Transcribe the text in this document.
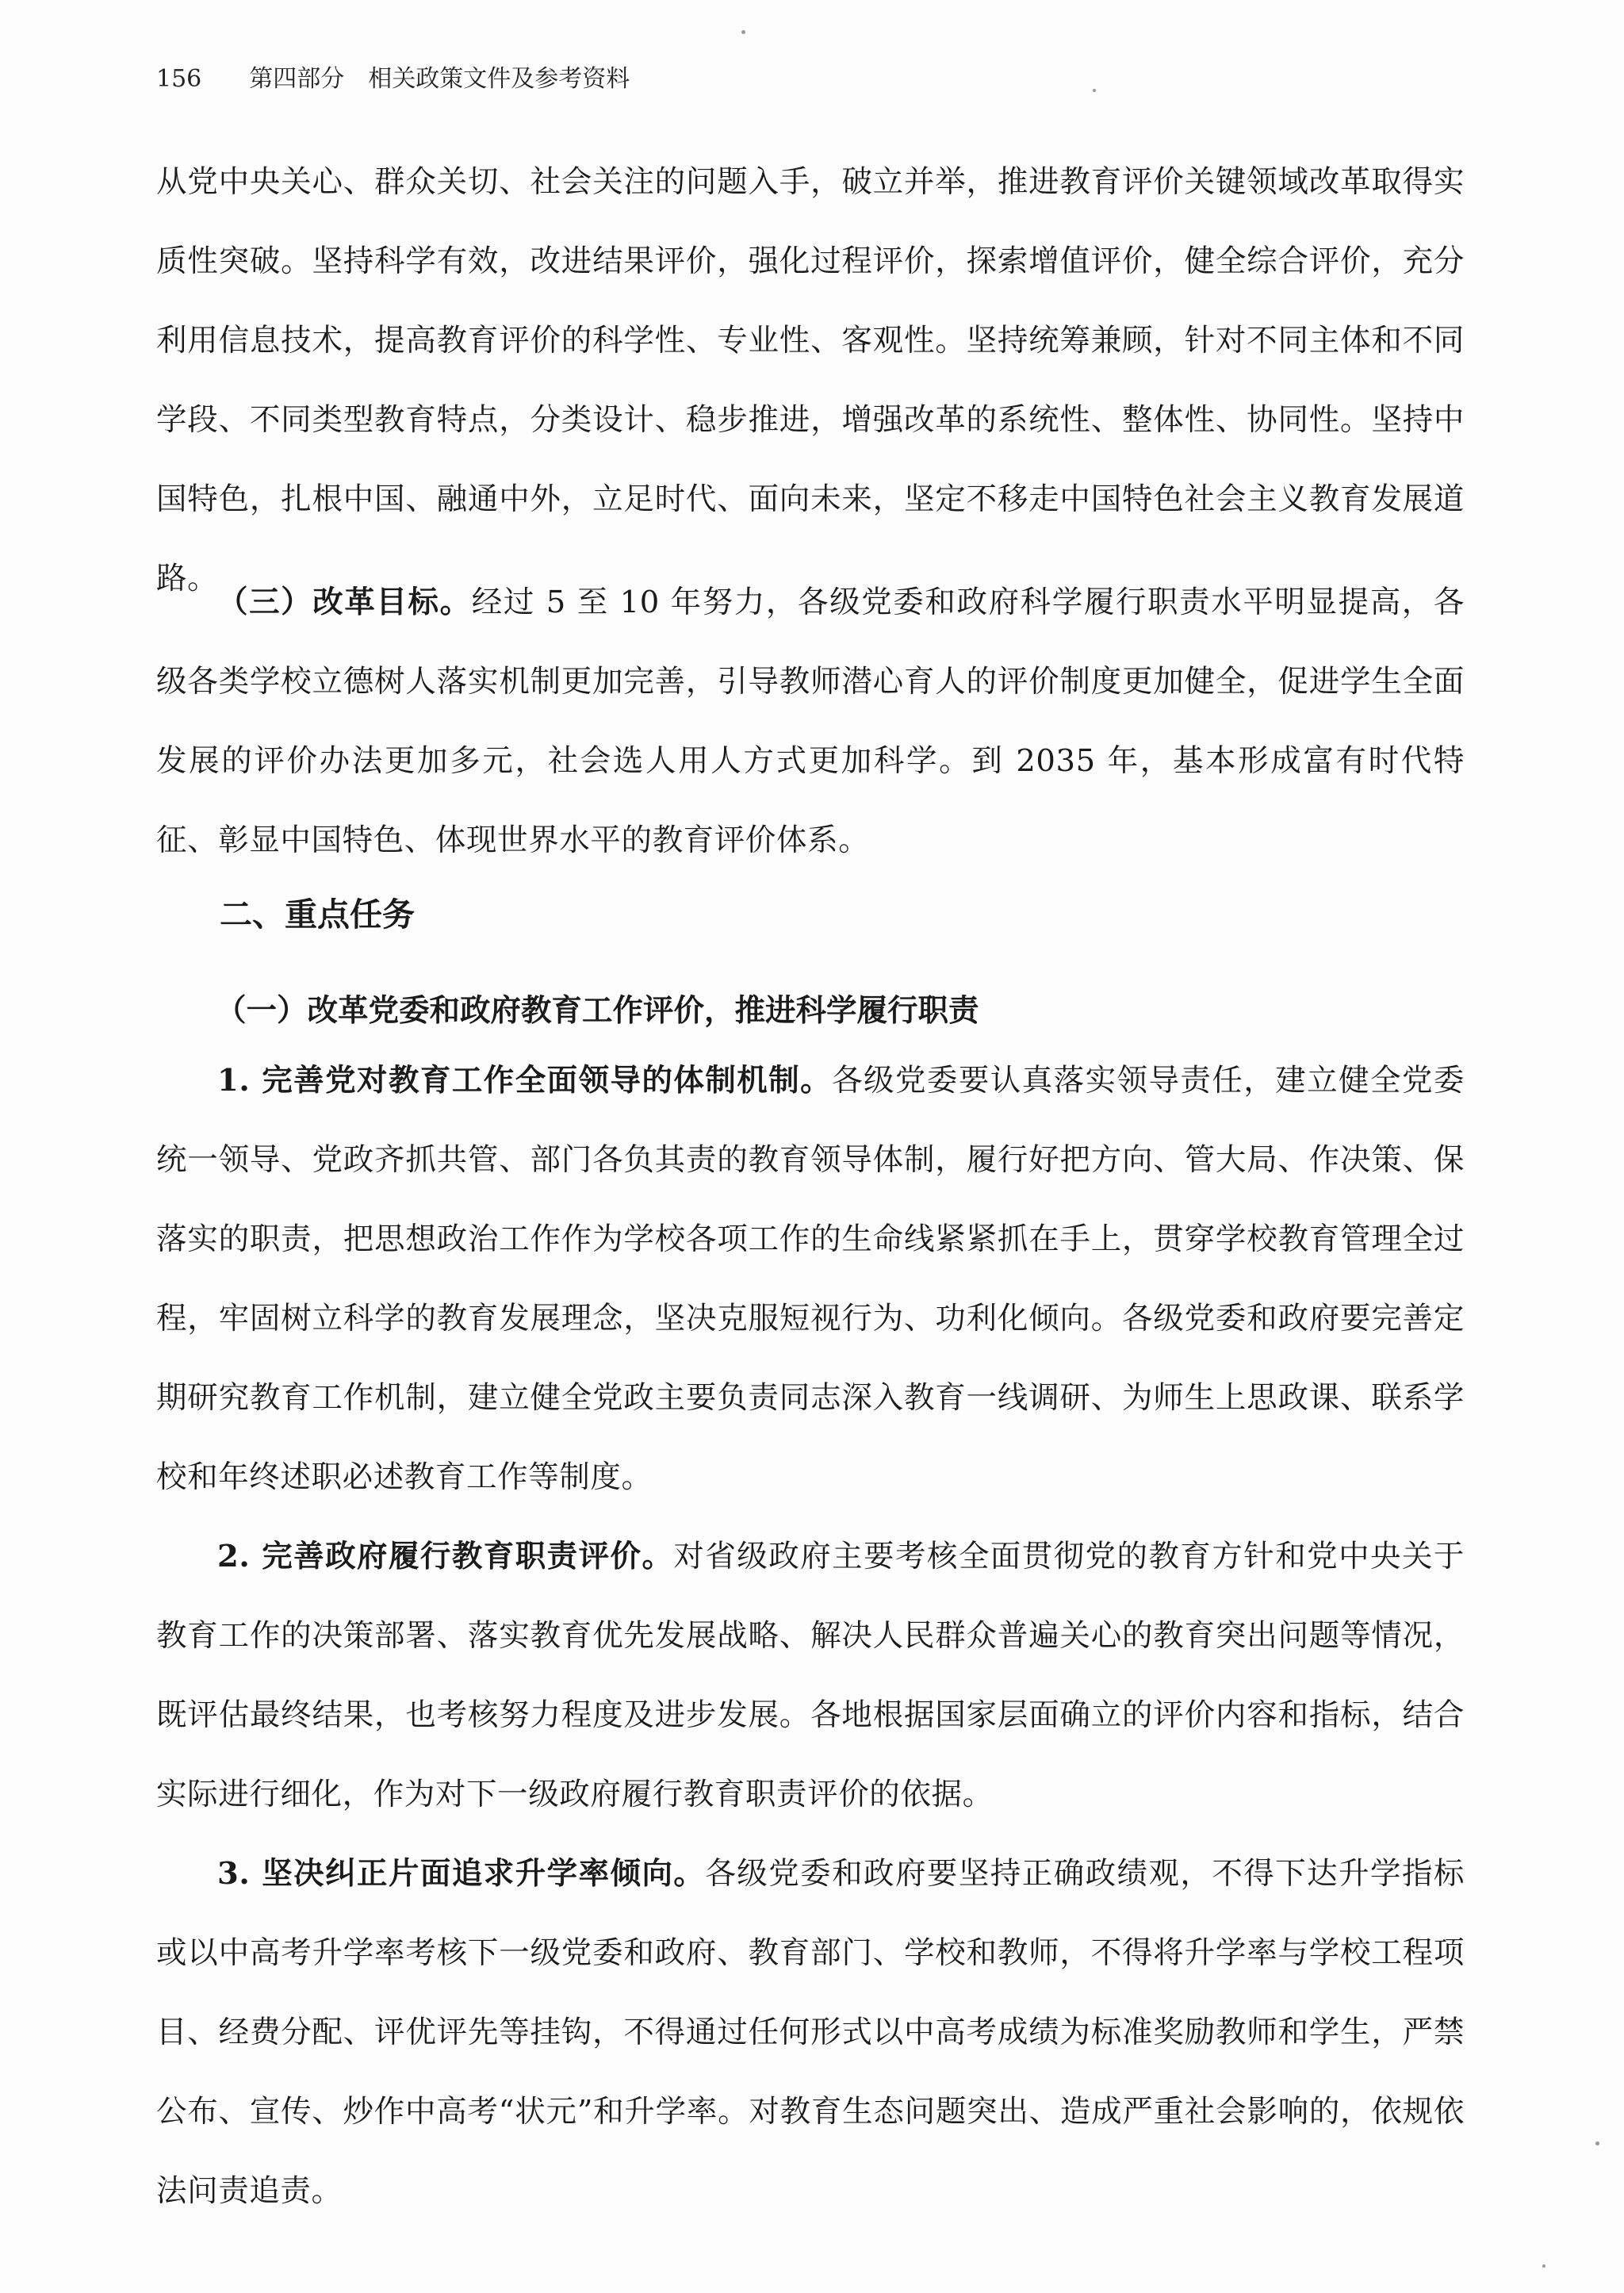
156 第四部分 相关政策文件及参考资料

从党中央关心、群众关切、社会关注的问题入手，破立并举，推进教育评价关键领域改革取得实质性突破。坚持科学有效，改进结果评价，强化过程评价，探索增值评价，健全综合评价，充分利用信息技术，提高教育评价的科学性、专业性、客观性。坚持统筹兼顾，针对不同主体和不同学段、不同类型教育特点，分类设计、稳步推进，增强改革的系统性、整体性、协同性。坚持中国特色，扎根中国、融通中外，立足时代、面向未来，坚定不移走中国特色社会主义教育发展道路。

（三）改革目标。经过 5 至 10 年努力，各级党委和政府科学履行职责水平明显提高，各级各类学校立德树人落实机制更加完善，引导教师潜心育人的评价制度更加健全，促进学生全面发展的评价办法更加多元，社会选人用人方式更加科学。到 2035 年，基本形成富有时代特征、彰显中国特色、体现世界水平的教育评价体系。

二、重点任务
（一）改革党委和政府教育工作评价，推进科学履行职责

1. 完善党对教育工作全面领导的体制机制。各级党委要认真落实领导责任，建立健全党委统一领导、党政齐抓共管、部门各负其责的教育领导体制，履行好把方向、管大局、作决策、保落实的职责，把思想政治工作作为学校各项工作的生命线紧紧抓在手上，贯穿学校教育管理全过程，牢固树立科学的教育发展理念，坚决克服短视行为、功利化倾向。各级党委和政府要完善定期研究教育工作机制，建立健全党政主要负责同志深入教育一线调研、为师生上思政课、联系学校和年终述职必述教育工作等制度。

2. 完善政府履行教育职责评价。对省级政府主要考核全面贯彻党的教育方针和党中央关于教育工作的决策部署、落实教育优先发展战略、解决人民群众普遍关心的教育突出问题等情况，既评估最终结果，也考核努力程度及进步发展。各地根据国家层面确立的评价内容和指标，结合实际进行细化，作为对下一级政府履行教育职责评价的依据。

3. 坚决纠正片面追求升学率倾向。各级党委和政府要坚持正确政绩观，不得下达升学指标或以中高考升学率考核下一级党委和政府、教育部门、学校和教师，不得将升学率与学校工程项目、经费分配、评优评先等挂钩，不得通过任何形式以中高考成绩为标准奖励教师和学生，严禁公布、宣传、炒作中高考“状元”和升学率。对教育生态问题突出、造成严重社会影响的，依规依法问责追责。
